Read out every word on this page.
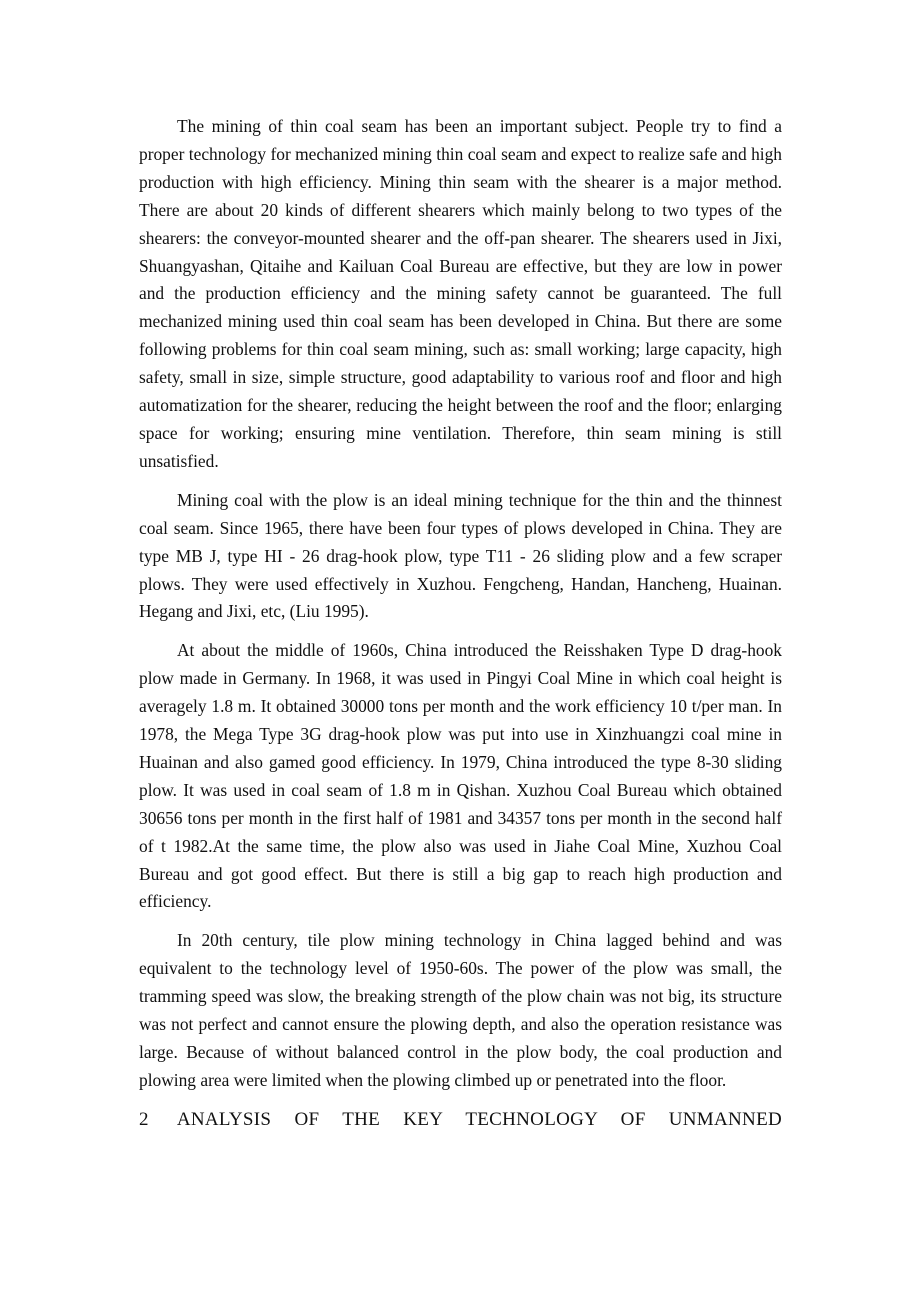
The mining of thin coal seam has been an important subject. People try to find a proper technology for mechanized mining thin coal seam and expect to realize safe and high production with high efficiency. Mining thin seam with the shearer is a major method. There are about 20 kinds of different shearers which mainly belong to two types of the shearers: the conveyor-mounted shearer and the off-pan shearer. The shearers used in Jixi, Shuangyashan, Qitaihe and Kailuan Coal Bureau are effective, but they are low in power and the production efficiency and the mining safety cannot be guaranteed. The full mechanized mining used thin coal seam has been developed in China. But there are some following problems for thin coal seam mining, such as: small working; large capacity, high safety, small in size, simple structure, good adaptability to various roof and floor and high automatization for the shearer, reducing the height between the roof and the floor; enlarging space for working; ensuring mine ventilation. Therefore, thin seam mining is still unsatisfied.

Mining coal with the plow is an ideal mining technique for the thin and the thinnest coal seam. Since 1965, there have been four types of plows developed in China. They are type MB J, type HI - 26 drag-hook plow, type T11 - 26 sliding plow and a few scraper plows. They were used effectively in Xuzhou. Fengcheng, Handan, Hancheng, Huainan. Hegang and Jixi, etc, (Liu 1995).

At about the middle of 1960s, China introduced the Reisshaken Type D drag-hook plow made in Germany. In 1968, it was used in Pingyi Coal Mine in which coal height is averagely 1.8 m. It obtained 30000 tons per month and the work efficiency 10 t/per man. In 1978, the Mega Type 3G drag-hook plow was put into use in Xinzhuangzi coal mine in Huainan and also gamed good efficiency. In 1979, China introduced the type 8-30 sliding plow. It was used in coal seam of 1.8 m in Qishan. Xuzhou Coal Bureau which obtained 30656 tons per month in the first half of 1981 and 34357 tons per month in the second half of t 1982.At the same time, the plow also was used in Jiahe Coal Mine, Xuzhou Coal Bureau and got good effect. But there is still a big gap to reach high production and efficiency.

In 20th century, tile plow mining technology in China lagged behind and was equivalent to the technology level of 1950-60s. The power of the plow was small, the tramming speed was slow, the breaking strength of the plow chain was not big, its structure was not perfect and cannot ensure the plowing depth, and also the operation resistance was large. Because of without balanced control in the plow body, the coal production and plowing area were limited when the plowing climbed up or penetrated into the floor.

2 ANALYSIS OF THE KEY TECHNOLOGY OF UNMANNED
